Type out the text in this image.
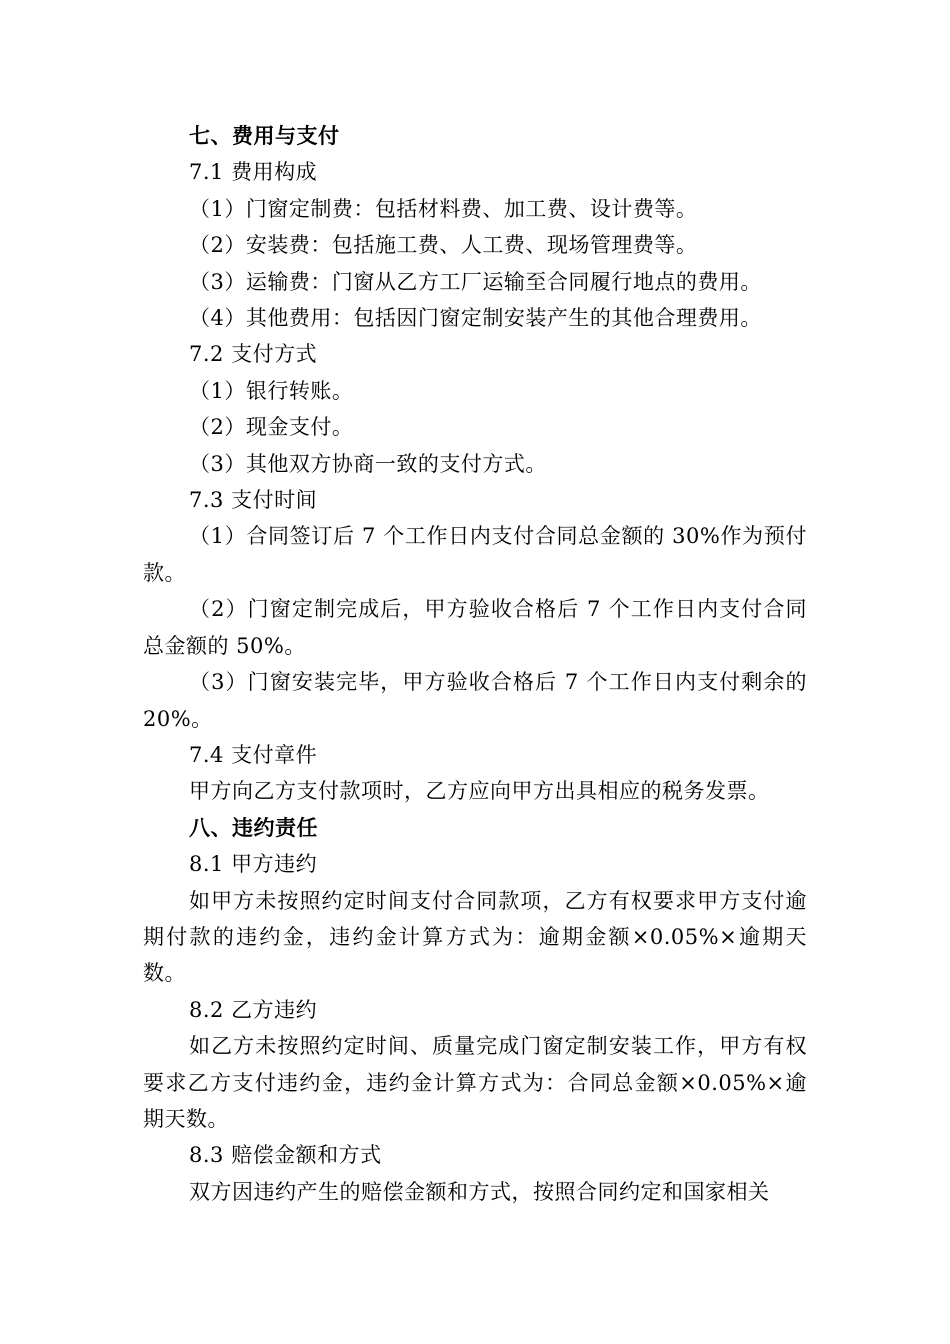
七、费用与支付

7.1 费用构成

（1）门窗定制费：包括材料费、加工费、设计费等。

（2）安装费：包括施工费、人工费、现场管理费等。

（3）运输费：门窗从乙方工厂运输至合同履行地点的费用。

（4）其他费用：包括因门窗定制安装产生的其他合理费用。

7.2 支付方式

（1）银行转账。

（2）现金支付。

（3）其他双方协商一致的支付方式。

7.3 支付时间

（1）合同签订后 7 个工作日内支付合同总金额的 30%作为预付款。

（2）门窗定制完成后，甲方验收合格后 7 个工作日内支付合同总金额的 50%。

（3）门窗安装完毕，甲方验收合格后 7 个工作日内支付剩余的 20%。

7.4 支付章件

甲方向乙方支付款项时，乙方应向甲方出具相应的税务发票。

八、违约责任

8.1 甲方违约

如甲方未按照约定时间支付合同款项，乙方有权要求甲方支付逾期付款的违约金，违约金计算方式为：逾期金额×0.05%×逾期天数。

8.2 乙方违约

如乙方未按照约定时间、质量完成门窗定制安装工作，甲方有权要求乙方支付违约金，违约金计算方式为：合同总金额×0.05%×逾期天数。

8.3 赔偿金额和方式

双方因违约产生的赔偿金额和方式，按照合同约定和国家相关
